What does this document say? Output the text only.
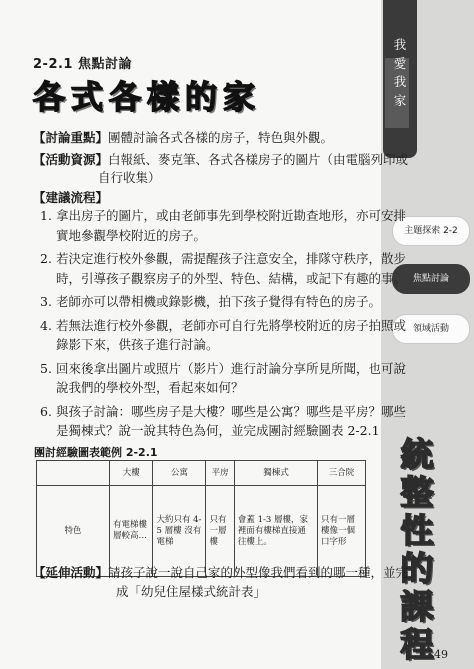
我愛我家
主題探索 2-2
焦點討論
領域活動
統整性的課程
2-2.1 焦點討論
各式各樣的家
【討論重點】團體討論各式各樣的房子，特色與外觀。
【活動資源】白報紙、麥克筆、各式各樣房子的圖片（由電腦列印或
自行收集）
【建議流程】
1. 拿出房子的圖片，或由老師事先到學校附近勘查地形，亦可安排
實地參觀學校附近的房子。
2. 若決定進行校外參觀，需提醒孩子注意安全，排隊守秩序，散步
時，引導孩子觀察房子的外型、特色、結構，或記下有趣的事。
3. 老師亦可以帶相機或錄影機，拍下孩子覺得有特色的房子。
4. 若無法進行校外參觀，老師亦可自行先將學校附近的房子拍照或
錄影下來，供孩子進行討論。
5. 回來後拿出圖片或照片（影片）進行討論分享所見所聞，也可說
說我們的學校外型，看起來如何？
6. 與孩子討論：哪些房子是大樓？哪些是公寓？哪些是平房？哪些
是獨棟式？說一說其特色為何，並完成團討經驗圖表 2-2.1
團討經驗圖表範例 2-2.1
	大樓	公寓	平房	獨棟式	三合院
特色	有電梯樓層較高…	大約只有 4-5 層樓 沒有電梯	只有一層樓	會蓋 1-3 層樓，家裡面有樓梯直接通往樓上。	只有一層樓像一個口字形
【延伸活動】請孩子說一說自己家的外型像我們看到的哪一種，並完
成「幼兒住屋樣式統計表」
49
